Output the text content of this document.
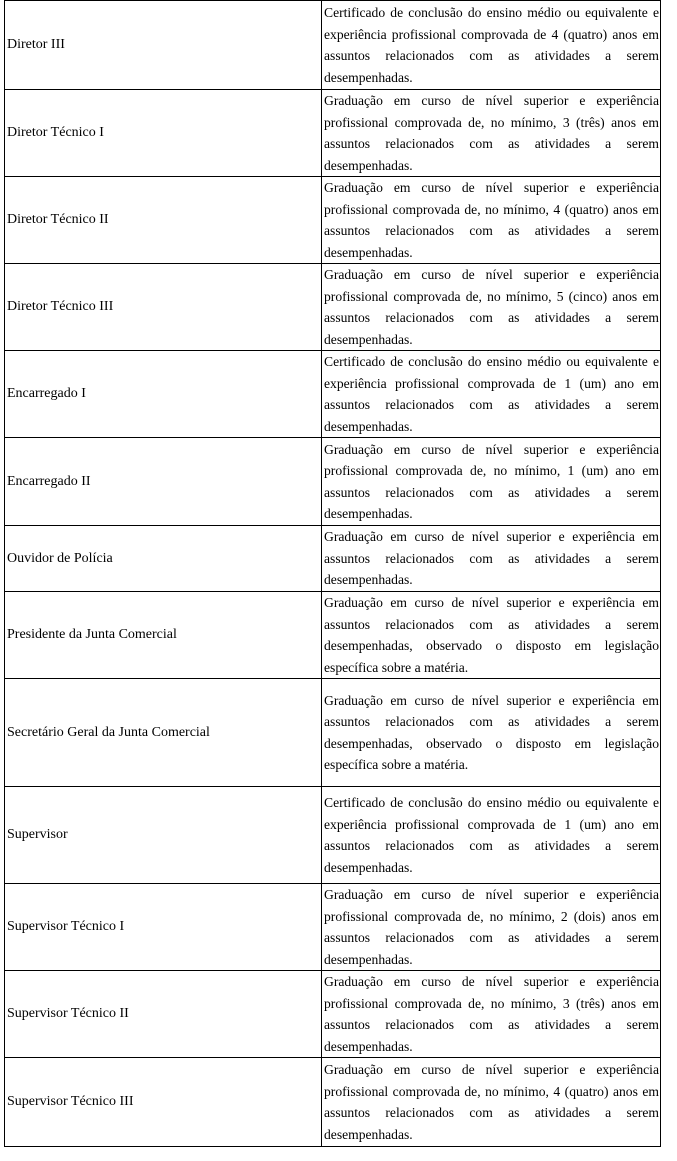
Diretor III	Certificado de conclusão do ensino médio ou equivalente e experiência profissional comprovada de 4 (quatro) anos em assuntos relacionados com as atividades a serem desempenhadas.
Diretor Técnico I	Graduação em curso de nível superior e experiência profissional comprovada de, no mínimo, 3 (três) anos em assuntos relacionados com as atividades a serem desempenhadas.
Diretor Técnico II	Graduação em curso de nível superior e experiência profissional comprovada de, no mínimo, 4 (quatro) anos em assuntos relacionados com as atividades a serem desempenhadas.
Diretor Técnico III	Graduação em curso de nível superior e experiência profissional comprovada de, no mínimo, 5 (cinco) anos em assuntos relacionados com as atividades a serem desempenhadas.
Encarregado I	Certificado de conclusão do ensino médio ou equivalente e experiência profissional comprovada de 1 (um) ano em assuntos relacionados com as atividades a serem desempenhadas.
Encarregado II	Graduação em curso de nível superior e experiência profissional comprovada de, no mínimo, 1 (um) ano em assuntos relacionados com as atividades a serem desempenhadas.
Ouvidor de Polícia	Graduação em curso de nível superior e experiência em assuntos relacionados com as atividades a serem desempenhadas.
Presidente da Junta Comercial	Graduação em curso de nível superior e experiência em assuntos relacionados com as atividades a serem desempenhadas, observado o disposto em legislação específica sobre a matéria.
Secretário Geral da Junta Comercial	Graduação em curso de nível superior e experiência em assuntos relacionados com as atividades a serem desempenhadas, observado o disposto em legislação específica sobre a matéria.
Supervisor	Certificado de conclusão do ensino médio ou equivalente e experiência profissional comprovada de 1 (um) ano em assuntos relacionados com as atividades a serem desempenhadas.
Supervisor Técnico I	Graduação em curso de nível superior e experiência profissional comprovada de, no mínimo, 2 (dois) anos em assuntos relacionados com as atividades a serem desempenhadas.
Supervisor Técnico II	Graduação em curso de nível superior e experiência profissional comprovada de, no mínimo, 3 (três) anos em assuntos relacionados com as atividades a serem desempenhadas.
Supervisor Técnico III	Graduação em curso de nível superior e experiência profissional comprovada de, no mínimo, 4 (quatro) anos em assuntos relacionados com as atividades a serem desempenhadas.
